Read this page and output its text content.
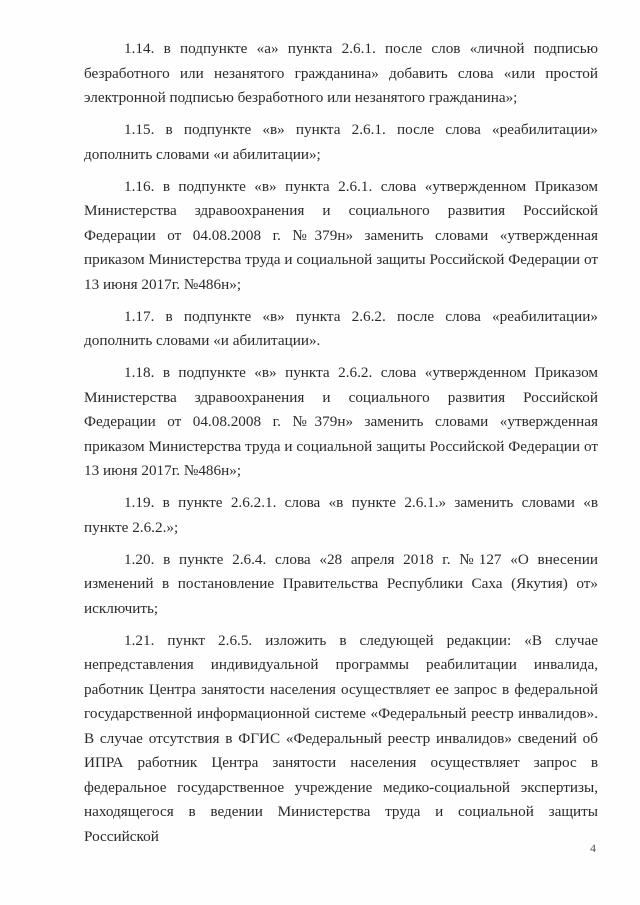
1.14. в подпункте «а» пункта 2.6.1. после слов «личной подписью безработного или незанятого гражданина» добавить слова «или простой электронной подписью безработного или незанятого гражданина»;

1.15. в подпункте «в» пункта 2.6.1. после слова «реабилитации» дополнить словами «и абилитации»;

1.16. в подпункте «в» пункта 2.6.1. слова «утвержденном Приказом Министерства здравоохранения и социального развития Российской Федерации от 04.08.2008 г. №379н» заменить словами «утвержденная приказом Министерства труда и социальной защиты Российской Федерации от 13 июня 2017г. №486н»;

1.17. в подпункте «в» пункта 2.6.2. после слова «реабилитации» дополнить словами «и абилитации».

1.18. в подпункте «в» пункта 2.6.2. слова «утвержденном Приказом Министерства здравоохранения и социального развития Российской Федерации от 04.08.2008 г. №379н» заменить словами «утвержденная приказом Министерства труда и социальной защиты Российской Федерации от 13 июня 2017г. №486н»;

1.19. в пункте 2.6.2.1. слова «в пункте 2.6.1.» заменить словами «в пункте 2.6.2.»;

1.20. в пункте 2.6.4. слова «28 апреля 2018 г. №127 «О внесении изменений в постановление Правительства Республики Саха (Якутия) от» исключить;

1.21. пункт 2.6.5. изложить в следующей редакции: «В случае непредставления индивидуальной программы реабилитации инвалида, работник Центра занятости населения осуществляет ее запрос в федеральной государственной информационной системе «Федеральный реестр инвалидов». В случае отсутствия в ФГИС «Федеральный реестр инвалидов» сведений об ИПРА работник Центра занятости населения осуществляет запрос в федеральное государственное учреждение медико-социальной экспертизы, находящегося в ведении Министерства труда и социальной защиты Российской

4
